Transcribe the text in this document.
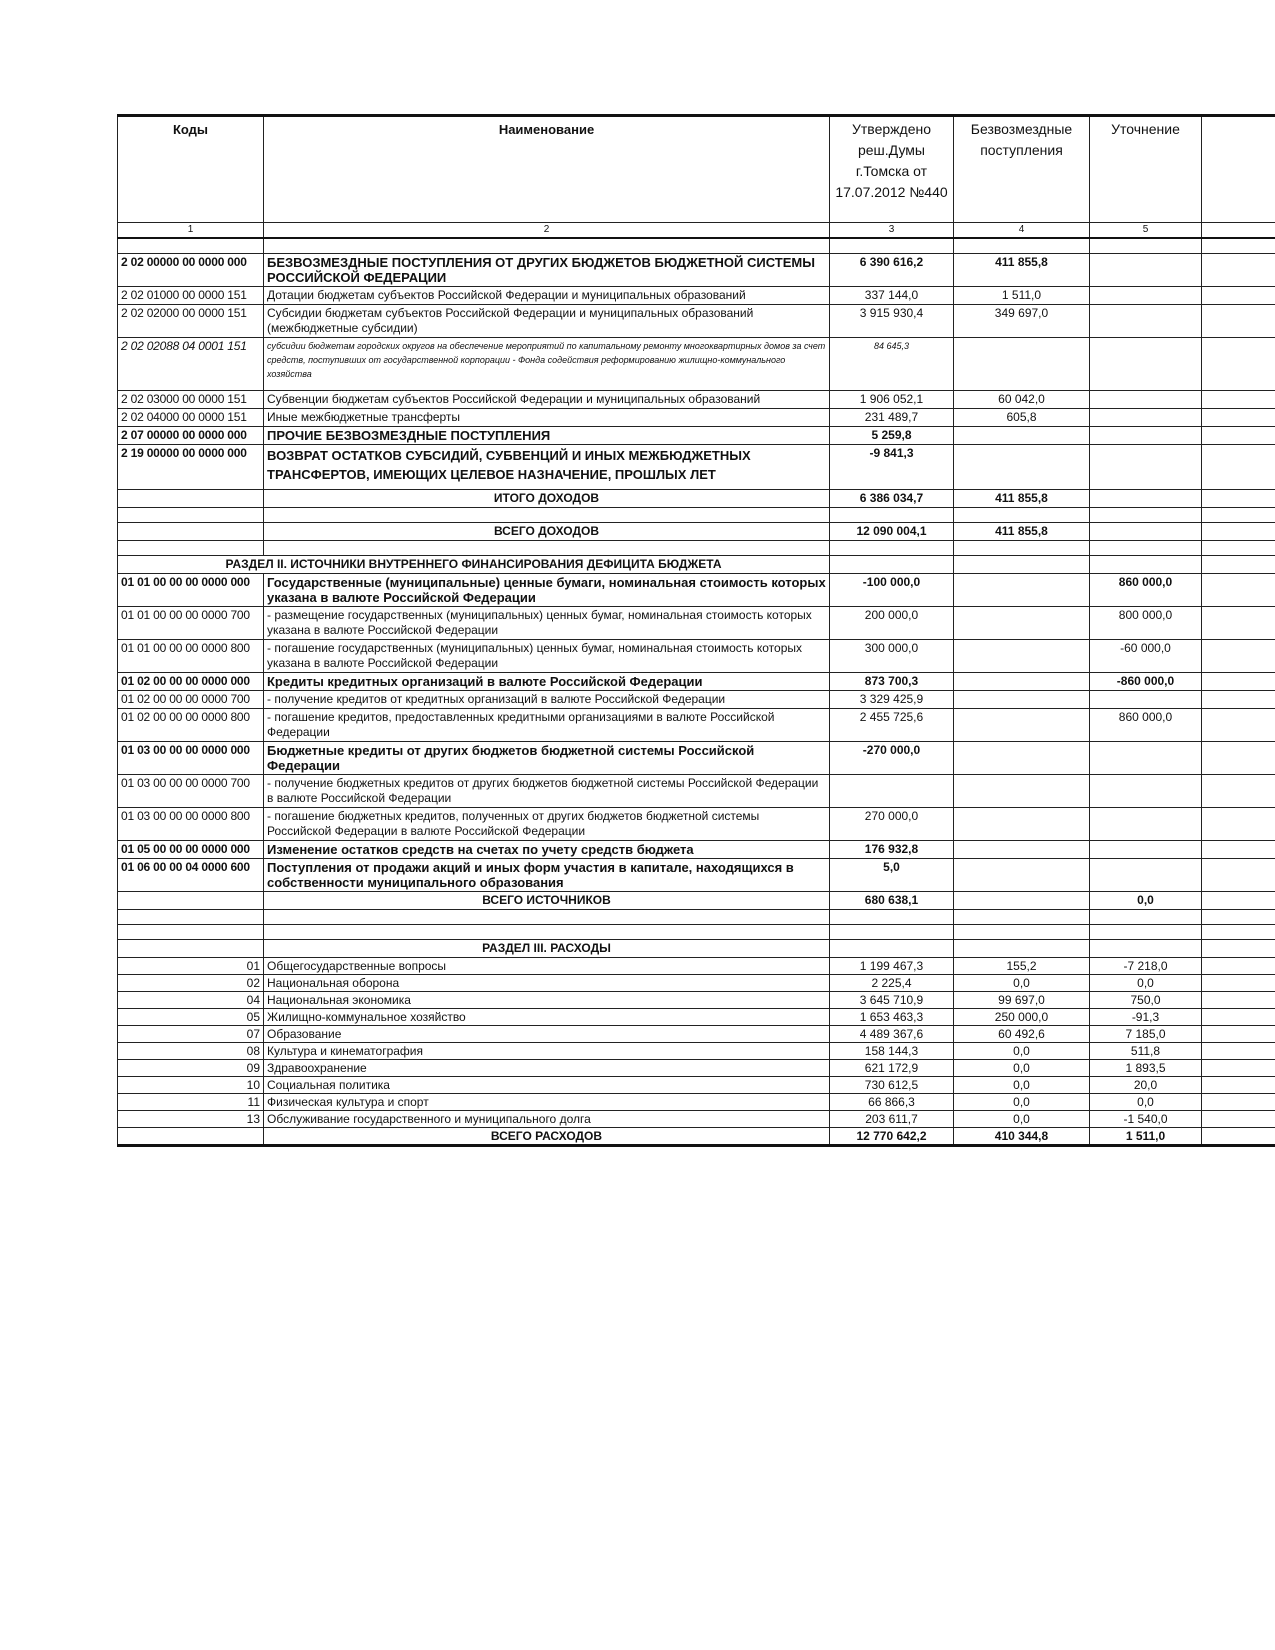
Коды	Наименование	Утверждено реш.Думы г.Томска от 17.07.2012 №440	Безвозмездные поступления	Уточнение	
1	2	3	4	5	

2 02 00000 00 0000 000	БЕЗВОЗМЕЗДНЫЕ ПОСТУПЛЕНИЯ ОТ ДРУГИХ БЮДЖЕТОВ БЮДЖЕТНОЙ СИСТЕМЫ РОССИЙСКОЙ ФЕДЕРАЦИИ	6 390 616,2	411 855,8		
2 02 01000 00 0000 151	Дотации бюджетам субъектов Российской Федерации и муниципальных образований	337 144,0	1 511,0		
2 02 02000 00 0000 151	Субсидии бюджетам субъектов Российской Федерации и муниципальных образований (межбюджетные субсидии)	3 915 930,4	349 697,0		
2 02 02088 04 0001 151	субсидии бюджетам городских округов на обеспечение мероприятий по капитальному ремонту многоквартирных домов за счет средств, поступивших от государственной корпорации - Фонда содействия реформированию жилищно-коммунального хозяйства	84 645,3			
2 02 03000 00 0000 151	Субвенции бюджетам субъектов Российской Федерации и муниципальных образований	1 906 052,1	60 042,0		
2 02 04000 00 0000 151	Иные межбюджетные трансферты	231 489,7	605,8		
2 07 00000 00 0000 000	ПРОЧИЕ БЕЗВОЗМЕЗДНЫЕ ПОСТУПЛЕНИЯ	5 259,8			
2 19 00000 00 0000 000	ВОЗВРАТ ОСТАТКОВ СУБСИДИЙ, СУБВЕНЦИЙ И ИНЫХ МЕЖБЮДЖЕТНЫХ ТРАНСФЕРТОВ, ИМЕЮЩИХ ЦЕЛЕВОЕ НАЗНАЧЕНИЕ, ПРОШЛЫХ ЛЕТ	-9 841,3			
	ИТОГО ДОХОДОВ	6 386 034,7	411 855,8		

	ВСЕГО ДОХОДОВ	12 090 004,1	411 855,8		

РАЗДЕЛ II. ИСТОЧНИКИ ВНУТРЕННЕГО ФИНАНСИРОВАНИЯ ДЕФИЦИТА БЮДЖЕТА					
01 01 00 00 00 0000 000	Государственные (муниципальные) ценные бумаги, номинальная стоимость которых указана в валюте Российской Федерации	-100 000,0		860 000,0	
01 01 00 00 00 0000 700	- размещение государственных (муниципальных) ценных бумаг, номинальная стоимость которых указана в валюте Российской Федерации	200 000,0		800 000,0	
01 01 00 00 00 0000 800	- погашение государственных (муниципальных) ценных бумаг, номинальная стоимость которых указана в валюте Российской Федерации	300 000,0		-60 000,0	
01 02 00 00 00 0000 000	Кредиты кредитных организаций в валюте Российской Федерации	873 700,3		-860 000,0	
01 02 00 00 00 0000 700	- получение кредитов от кредитных организаций в валюте Российской Федерации	3 329 425,9			
01 02 00 00 00 0000 800	- погашение кредитов, предоставленных кредитными организациями в валюте Российской Федерации	2 455 725,6		860 000,0	
01 03 00 00 00 0000 000	Бюджетные кредиты от других бюджетов бюджетной системы Российской Федерации	-270 000,0			
01 03 00 00 00 0000 700	- получение бюджетных кредитов от других бюджетов бюджетной системы Российской Федерации в валюте Российской Федерации				
01 03 00 00 00 0000 800	- погашение бюджетных кредитов, полученных от других бюджетов бюджетной системы Российской Федерации в валюте Российской Федерации	270 000,0			
01 05 00 00 00 0000 000	Изменение остатков средств на счетах по учету средств бюджета	176 932,8			
01 06 00 00 04 0000 600	Поступления от продажи акций и иных форм участия в капитале, находящихся в собственности муниципального образования	5,0			
	ВСЕГО ИСТОЧНИКОВ	680 638,1		0,0	

	РАЗДЕЛ III. РАСХОДЫ				
01	Общегосударственные вопросы	1 199 467,3	155,2	-7 218,0	
02	Национальная оборона	2 225,4	0,0	0,0	
04	Национальная экономика	3 645 710,9	99 697,0	750,0	
05	Жилищно-коммунальное хозяйство	1 653 463,3	250 000,0	-91,3	
07	Образование	4 489 367,6	60 492,6	7 185,0	
08	Культура и кинематография	158 144,3	0,0	511,8	
09	Здравоохранение	621 172,9	0,0	1 893,5	
10	Социальная политика	730 612,5	0,0	20,0	
11	Физическая культура и спорт	66 866,3	0,0	0,0	
13	Обслуживание государственного и муниципального долга	203 611,7	0,0	-1 540,0	
	ВСЕГО РАСХОДОВ	12 770 642,2	410 344,8	1 511,0	
